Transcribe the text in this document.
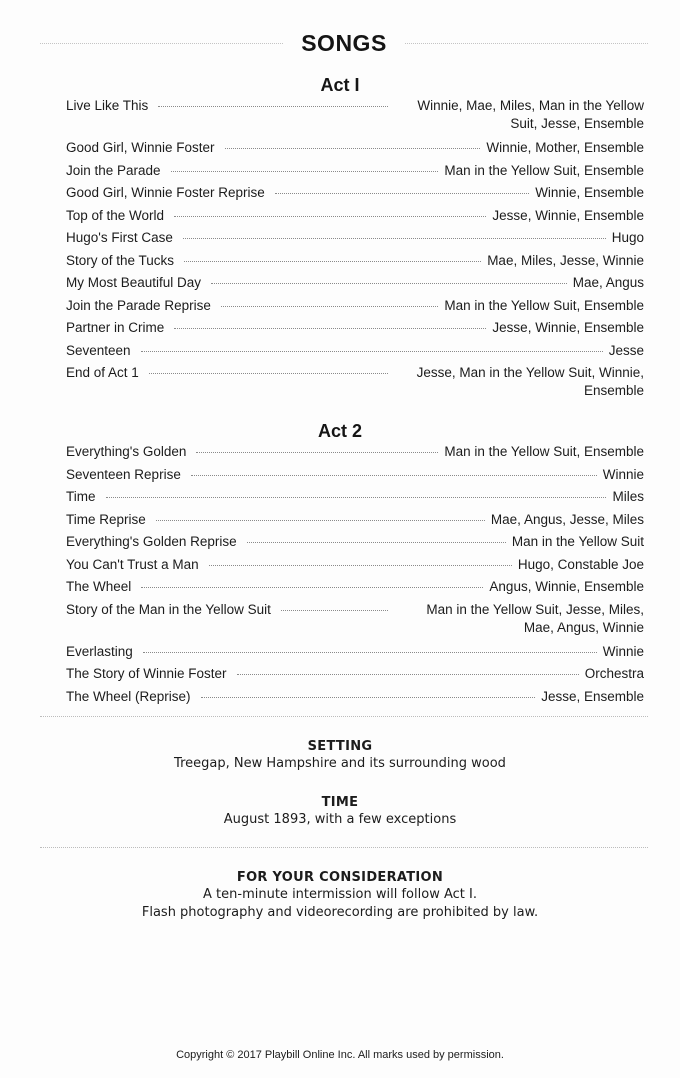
SONGS
Act I
Live Like This	Winnie, Mae, Miles, Man in the Yellow Suit, Jesse, Ensemble
Good Girl, Winnie Foster	Winnie, Mother, Ensemble
Join the Parade	Man in the Yellow Suit, Ensemble
Good Girl, Winnie Foster Reprise	Winnie, Ensemble
Top of the World	Jesse, Winnie, Ensemble
Hugo's First Case	Hugo
Story of the Tucks	Mae, Miles, Jesse, Winnie
My Most Beautiful Day	Mae, Angus
Join the Parade Reprise	Man in the Yellow Suit, Ensemble
Partner in Crime	Jesse, Winnie, Ensemble
Seventeen	Jesse
End of Act 1	Jesse, Man in the Yellow Suit, Winnie, Ensemble
Act 2
Everything's Golden	Man in the Yellow Suit, Ensemble
Seventeen Reprise	Winnie
Time	Miles
Time Reprise	Mae, Angus, Jesse, Miles
Everything's Golden Reprise	Man in the Yellow Suit
You Can't Trust a Man	Hugo, Constable Joe
The Wheel	Angus, Winnie, Ensemble
Story of the Man in the Yellow Suit	Man in the Yellow Suit, Jesse, Miles, Mae, Angus, Winnie
Everlasting	Winnie
The Story of Winnie Foster	Orchestra
The Wheel (Reprise)	Jesse, Ensemble
SETTING
Treegap, New Hampshire and its surrounding wood
TIME
August 1893, with a few exceptions
FOR YOUR CONSIDERATION
A ten-minute intermission will follow Act I.
Flash photography and videorecording are prohibited by law.
Copyright © 2017 Playbill Online Inc. All marks used by permission.
